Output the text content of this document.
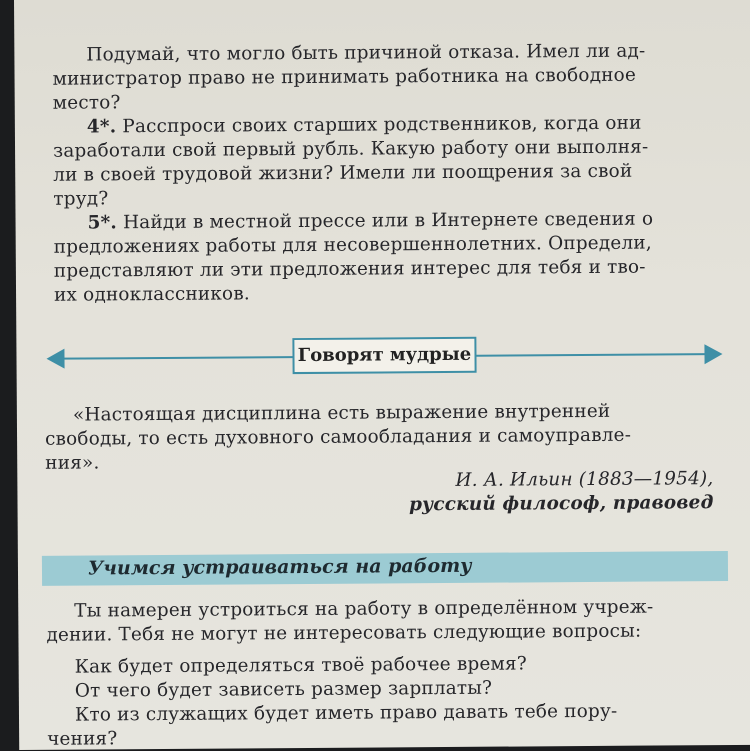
Подумай, что могло быть причиной отказа. Имел ли ад-

министратор право не принимать работника на свободное

место?

4*. Расспроси своих старших родственников, когда они

заработали свой первый рубль. Какую работу они выполня-

ли в своей трудовой жизни? Имели ли поощрения за свой

труд?

5*. Найди в местной прессе или в Интернете сведения о

предложениях работы для несовершеннолетних. Определи,

представляют ли эти предложения интерес для тебя и тво-

их одноклассников.

Говорят мудрые

«Настоящая дисциплина есть выражение внутренней

свободы, то есть духовного самообладания и самоуправле-

ния».

И. А. Ильин (1883—1954),

русский философ, правовед

Учимся устраиваться на работу

Ты намерен устроиться на работу в определённом учреж-

дении. Тебя не могут не интересовать следующие вопросы:

Как будет определяться твоё рабочее время?

От чего будет зависеть размер зарплаты?

Кто из служащих будет иметь право давать тебе пору-

чения?
